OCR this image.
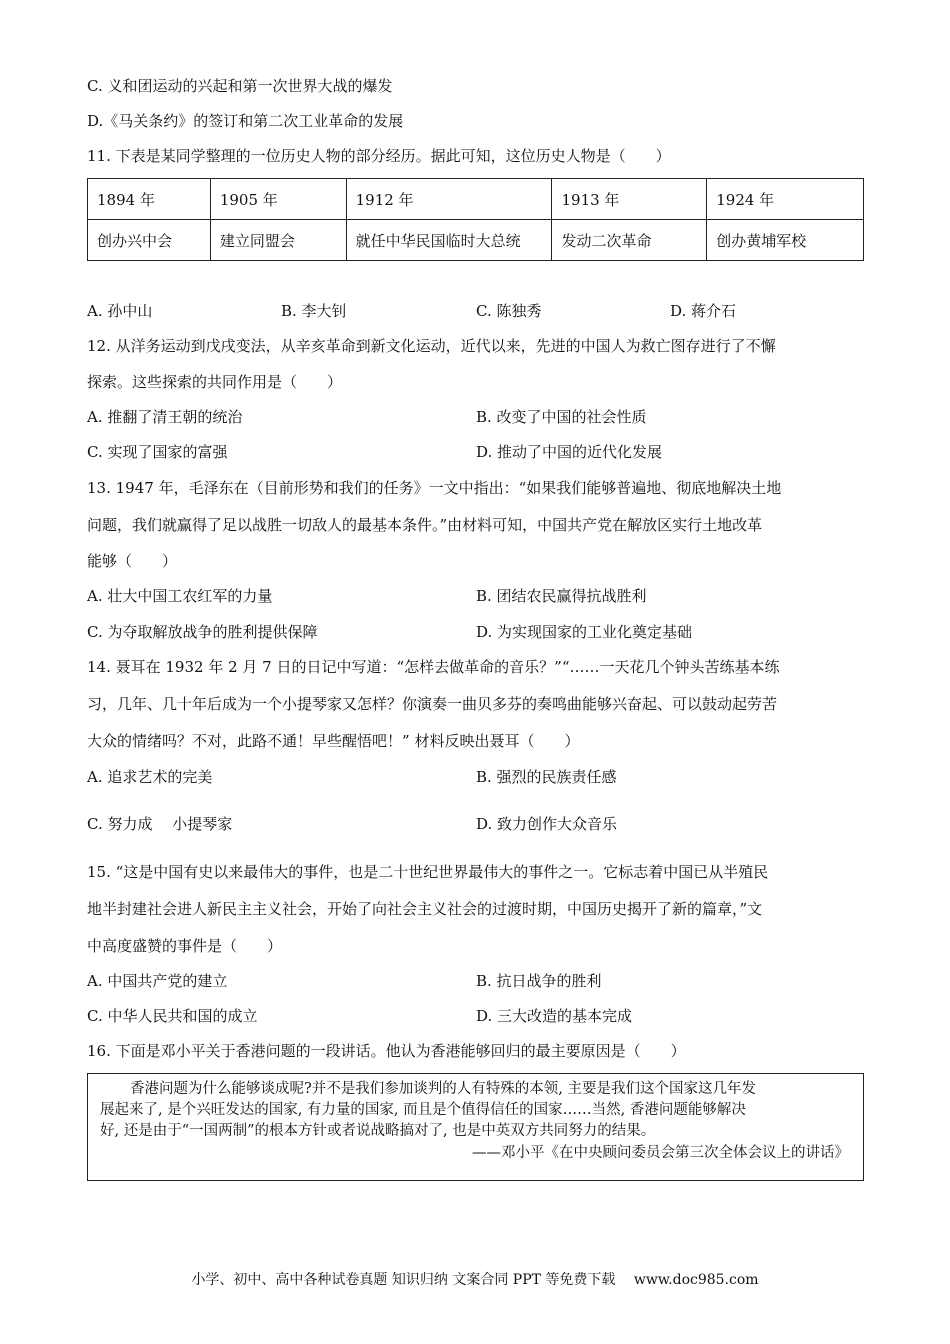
C. 义和团运动的兴起和第一次世界大战的爆发
D.《马关条约》的签订和第二次工业革命的发展
11. 下表是某同学整理的一位历史人物的部分经历。据此可知，这位历史人物是（　　）
1894 年	1905 年	1912 年	1913 年	1924 年
创办兴中会	建立同盟会	就任中华民国临时大总统	发动二次革命	创办黄埔军校
A. 孙中山	B. 李大钊	C. 陈独秀	D. 蒋介石
12. 从洋务运动到戊戌变法，从辛亥革命到新文化运动，近代以来，先进的中国人为救亡图存进行了不懈
探索。这些探索的共同作用是（　　）
A. 推翻了清王朝的统治	B. 改变了中国的社会性质
C. 实现了国家的富强	D. 推动了中国的近代化发展
13. 1947 年，毛泽东在（目前形势和我们的任务》一文中指出：“如果我们能够普遍地、彻底地解决土地
问题，我们就赢得了足以战胜一切敌人的最基本条件。”由材料可知，中国共产党在解放区实行土地改革
能够（　　）
A. 壮大中国工农红军的力量	B. 团结农民赢得抗战胜利
C. 为夺取解放战争的胜利提供保障	D. 为实现国家的工业化奠定基础
14. 聂耳在 1932 年 2 月 7 日的日记中写道：“怎样去做革命的音乐？”“……一天花几个钟头苦练基本练
习，几年、几十年后成为一个小提琴家又怎样？你演奏一曲贝多芬的奏鸣曲能够兴奋起、可以鼓动起劳苦
大众的情绪吗？不对，此路不通！早些醒悟吧！” 材料反映出聂耳（　　）
A. 追求艺术的完美	B. 强烈的民族责任感
C. 努力成　 小提琴家	D. 致力创作大众音乐
15. “这是中国有史以来最伟大的事件，也是二十世纪世界最伟大的事件之一。它标志着中国已从半殖民
地半封建社会进人新民主主义社会，开始了向社会主义社会的过渡时期，中国历史揭开了新的篇章，”文
中高度盛赞的事件是（　　）
A. 中国共产党的建立	B. 抗日战争的胜利
C. 中华人民共和国的成立	D. 三大改造的基本完成
16. 下面是邓小平关于香港问题的一段讲话。他认为香港能够回归的最主要原因是（　　）

香港问题为什么能够谈成呢?并不是我们参加谈判的人有特殊的本领, 主要是我们这个国家这几年发

展起来了, 是个兴旺发达的国家, 有力量的国家, 而且是个值得信任的国家……当然, 香港问题能够解决

好, 还是由于“一国两制”的根本方针或者说战略搞对了, 也是中英双方共同努力的结果。

——邓小平《在中央顾问委员会第三次全体会议上的讲话》

小学、初中、高中各种试卷真题 知识归纳 文案合同 PPT 等免费下载　 www.doc985.com
